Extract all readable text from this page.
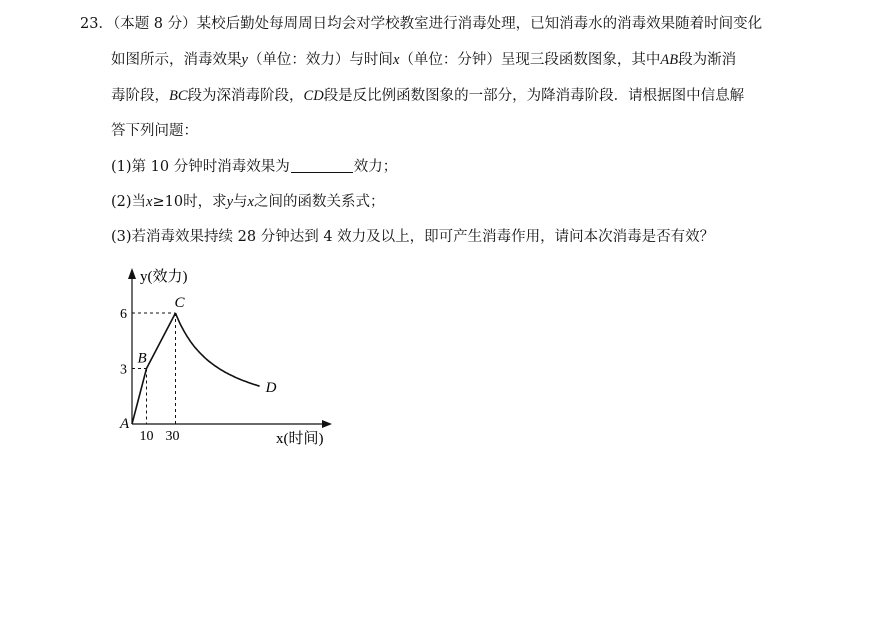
23．（本题 8 分）某校后勤处每周周日均会对学校教室进行消毒处理，已知消毒水的消毒效果随着时间变化
如图所示，消毒效果y（单位：效力）与时间x（单位：分钟）呈现三段函数图象，其中AB段为渐消
毒阶段，BC段为深消毒阶段，CD段是反比例函数图象的一部分，为降消毒阶段．请根据图中信息解
答下列问题：
(1)第 10 分钟时消毒效果为	效力；
(2)当x≥10时，求y与x之间的函数关系式；
(3)若消毒效果持续 28 分钟达到 4 效力及以上，即可产生消毒作用，请问本次消毒是否有效？
y(效力)
x(时间)
10 30
3
6
A
B
C
D
